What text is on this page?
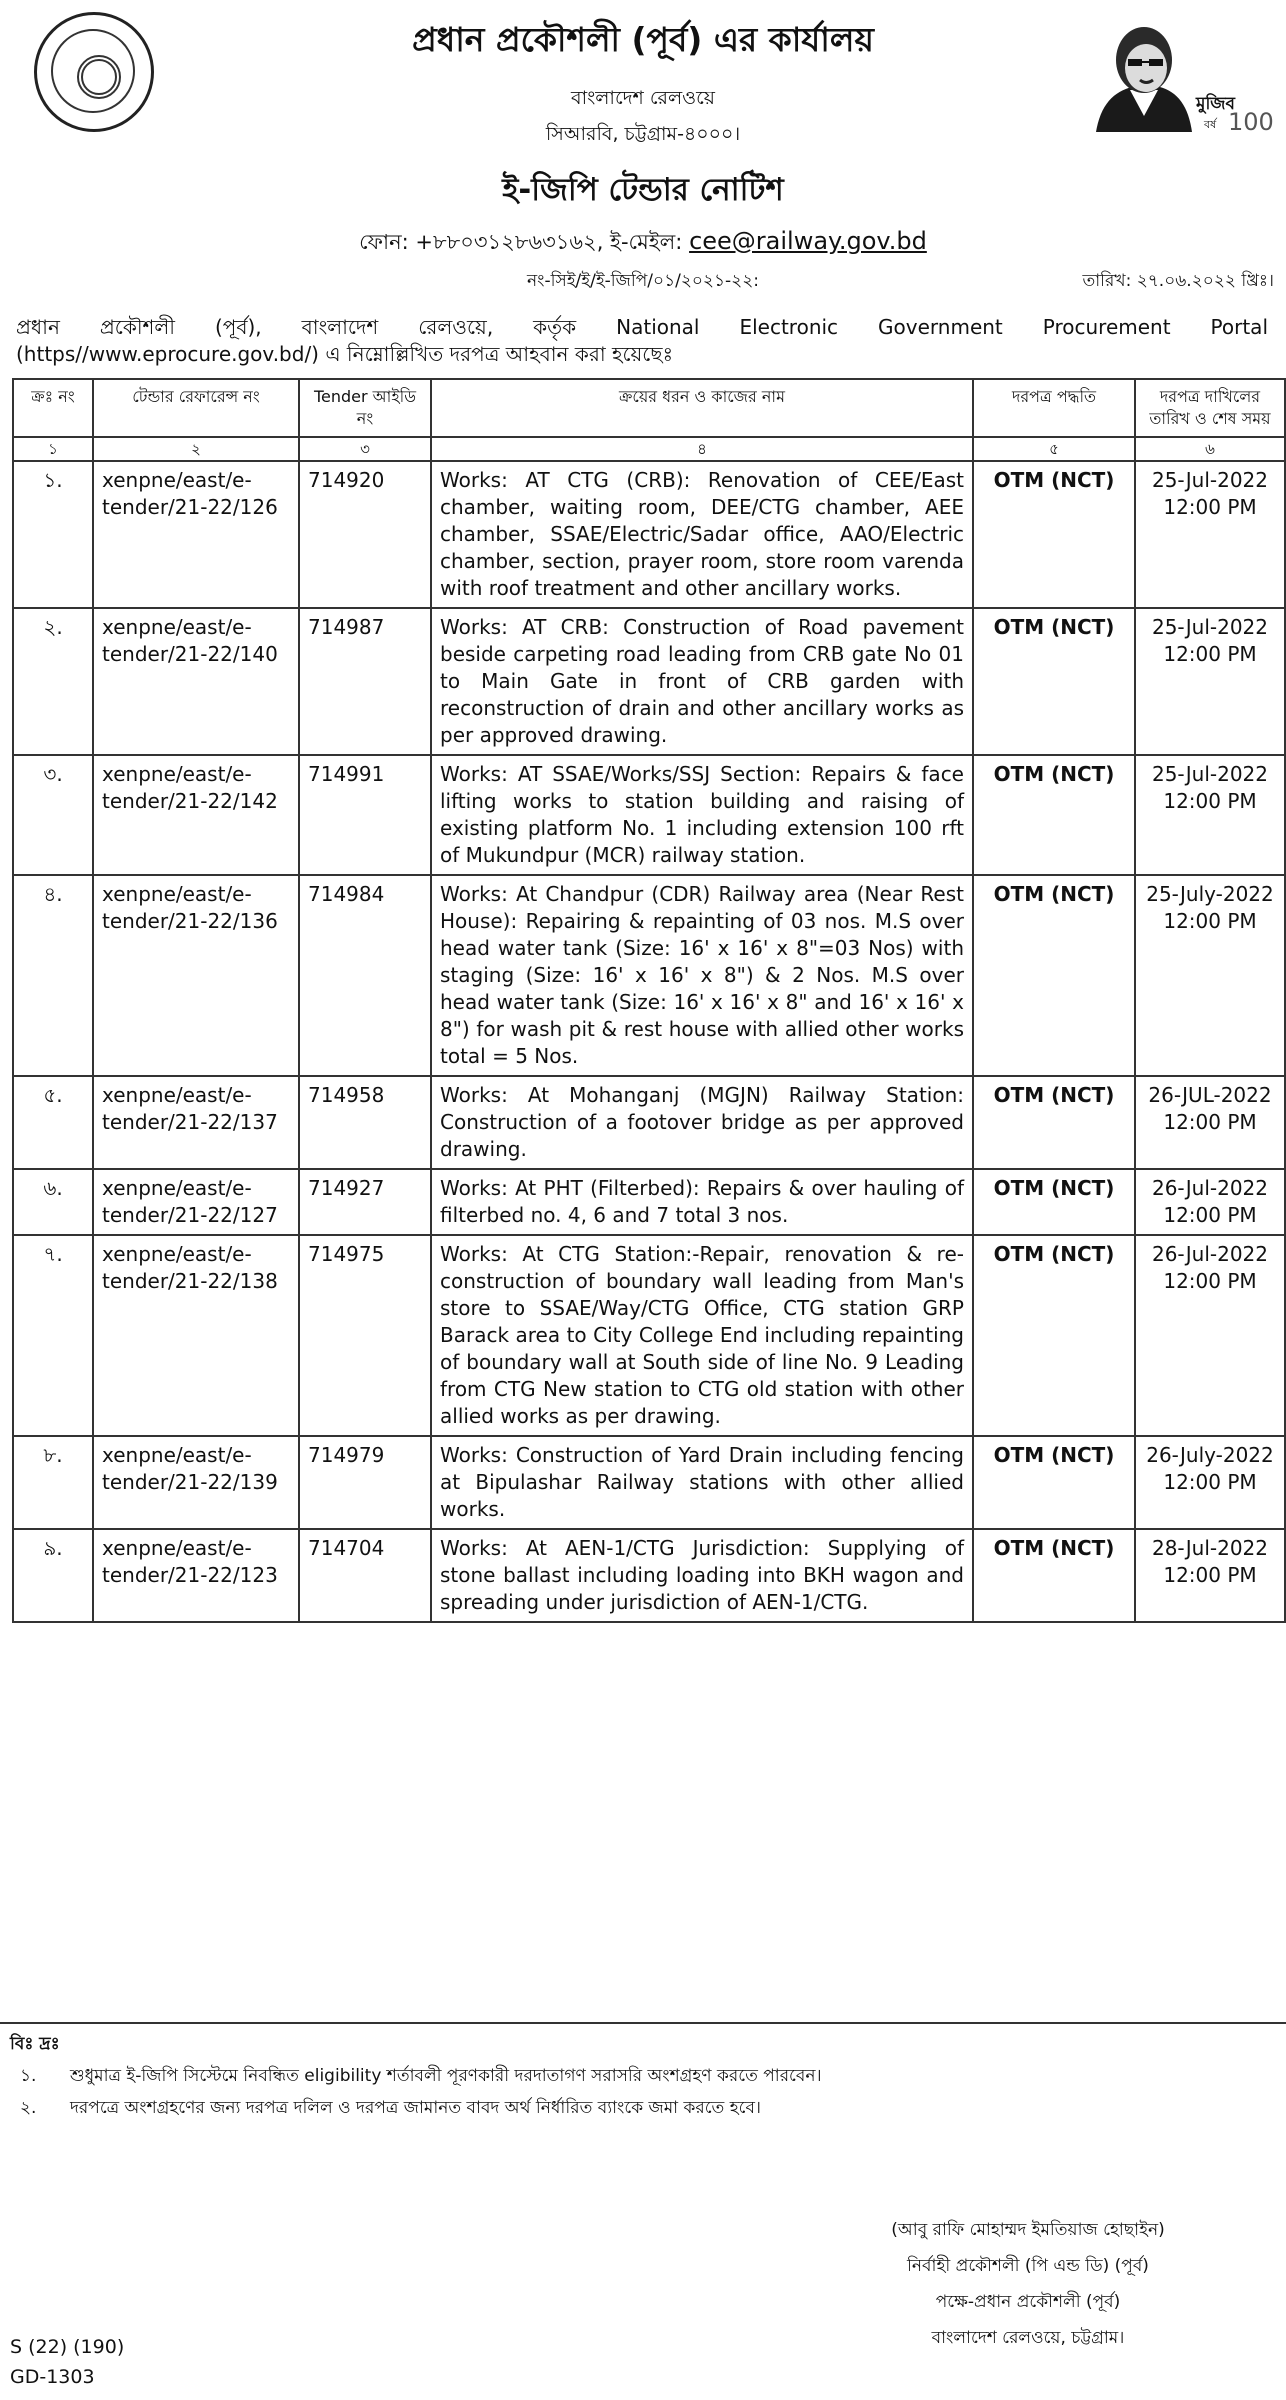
প্রধান প্রকৌশলী (পূর্ব) এর কার্যালয়
বাংলাদেশ রেলওয়ে
সিআরবি, চট্টগ্রাম-৪০০০।
ই-জিপি টেন্ডার নোটিশ
ফোন: +৮৮০৩১২৮৬৩১৬২, ই-মেইল: cee@railway.gov.bd
মুজিব
বর্ষ 100
নং-সিই/ই/ই-জিপি/০১/২০২১-২২:	তারিখ: ২৭.০৬.২০২২ খ্রিঃ।
প্রধান প্রকৌশলী (পূর্ব), বাংলাদেশ রেলওয়ে, কর্তৃক National Electronic Government Procurement Portal
(https//www.eprocure.gov.bd/) এ নিম্নোল্লিখিত দরপত্র আহবান করা হয়েছেঃ
ক্রঃ নং	টেন্ডার রেফারেন্স নং	Tender আইডি নং	ক্রয়ের ধরন ও কাজের নাম	দরপত্র পদ্ধতি	দরপত্র দাখিলের তারিখ ও শেষ সময়
১	২	৩	৪	৫	৬
১.	xenpne/east/e-tender/21-22/126	714920	Works: AT CTG (CRB): Renovation of CEE/East chamber, waiting room, DEE/CTG chamber, AEE chamber, SSAE/Electric/Sadar office, AAO/Electric chamber, section, prayer room, store room varenda with roof treatment and other ancillary works.	OTM (NCT)	25-Jul-2022
12:00 PM

২.	xenpne/east/e-tender/21-22/140	714987	Works: AT CRB: Construction of Road pavement beside carpeting road leading from CRB gate No 01 to Main Gate in front of CRB garden with reconstruction of drain and other ancillary works as per approved drawing.	OTM (NCT)	25-Jul-2022
12:00 PM

৩.	xenpne/east/e-tender/21-22/142	714991	Works: AT SSAE/Works/SSJ Section: Repairs & face lifting works to station building and raising of existing platform No. 1 including extension 100 rft of Mukundpur (MCR) railway station.	OTM (NCT)	25-Jul-2022
12:00 PM

৪.	xenpne/east/e-tender/21-22/136	714984	Works: At Chandpur (CDR) Railway area (Near Rest House): Repairing & repainting of 03 nos. M.S over head water tank (Size: 16' x 16' x 8"=03 Nos) with staging (Size: 16' x 16' x 8") & 2 Nos. M.S over head water tank (Size: 16' x 16' x 8" and 16' x 16' x 8") for wash pit & rest house with allied other works total = 5 Nos.	OTM (NCT)	25-July-2022
12:00 PM

৫.	xenpne/east/e-tender/21-22/137	714958	Works: At Mohanganj (MGJN) Railway Station: Construction of a footover bridge as per approved drawing.	OTM (NCT)	26-JUL-2022
12:00 PM

৬.	xenpne/east/e-tender/21-22/127	714927	Works: At PHT (Filterbed): Repairs & over hauling of filterbed no. 4, 6 and 7 total 3 nos.	OTM (NCT)	26-Jul-2022
12:00 PM

৭.	xenpne/east/e-tender/21-22/138	714975	Works: At CTG Station:-Repair, renovation & re-construction of boundary wall leading from Man's store to SSAE/Way/CTG Office, CTG station GRP Barack area to City College End including repainting of boundary wall at South side of line No. 9 Leading from CTG New station to CTG old station with other allied works as per drawing.	OTM (NCT)	26-Jul-2022
12:00 PM

৮.	xenpne/east/e-tender/21-22/139	714979	Works: Construction of Yard Drain including fencing at Bipulashar Railway stations with other allied works.	OTM (NCT)	26-July-2022
12:00 PM

৯.	xenpne/east/e-tender/21-22/123	714704	Works: At AEN-1/CTG Jurisdiction: Supplying of stone ballast including loading into BKH wagon and spreading under jurisdiction of AEN-1/CTG.	OTM (NCT)	28-Jul-2022
12:00 PM
বিঃ দ্রঃ
১. শুধুমাত্র ই-জিপি সিস্টেমে নিবন্ধিত eligibility শর্তাবলী পূরণকারী দরদাতাগণ সরাসরি অংশগ্রহণ করতে পারবেন।
২. দরপত্রে অংশগ্রহণের জন্য দরপত্র দলিল ও দরপত্র জামানত বাবদ অর্থ নির্ধারিত ব্যাংকে জমা করতে হবে।
(আবু রাফি মোহাম্মদ ইমতিয়াজ হোছাইন)
নির্বাহী প্রকৌশলী (পি এন্ড ডি) (পূর্ব)
পক্ষে-প্রধান প্রকৌশলী (পূর্ব)
বাংলাদেশ রেলওয়ে, চট্টগ্রাম।
S (22) (190)
GD-1303
